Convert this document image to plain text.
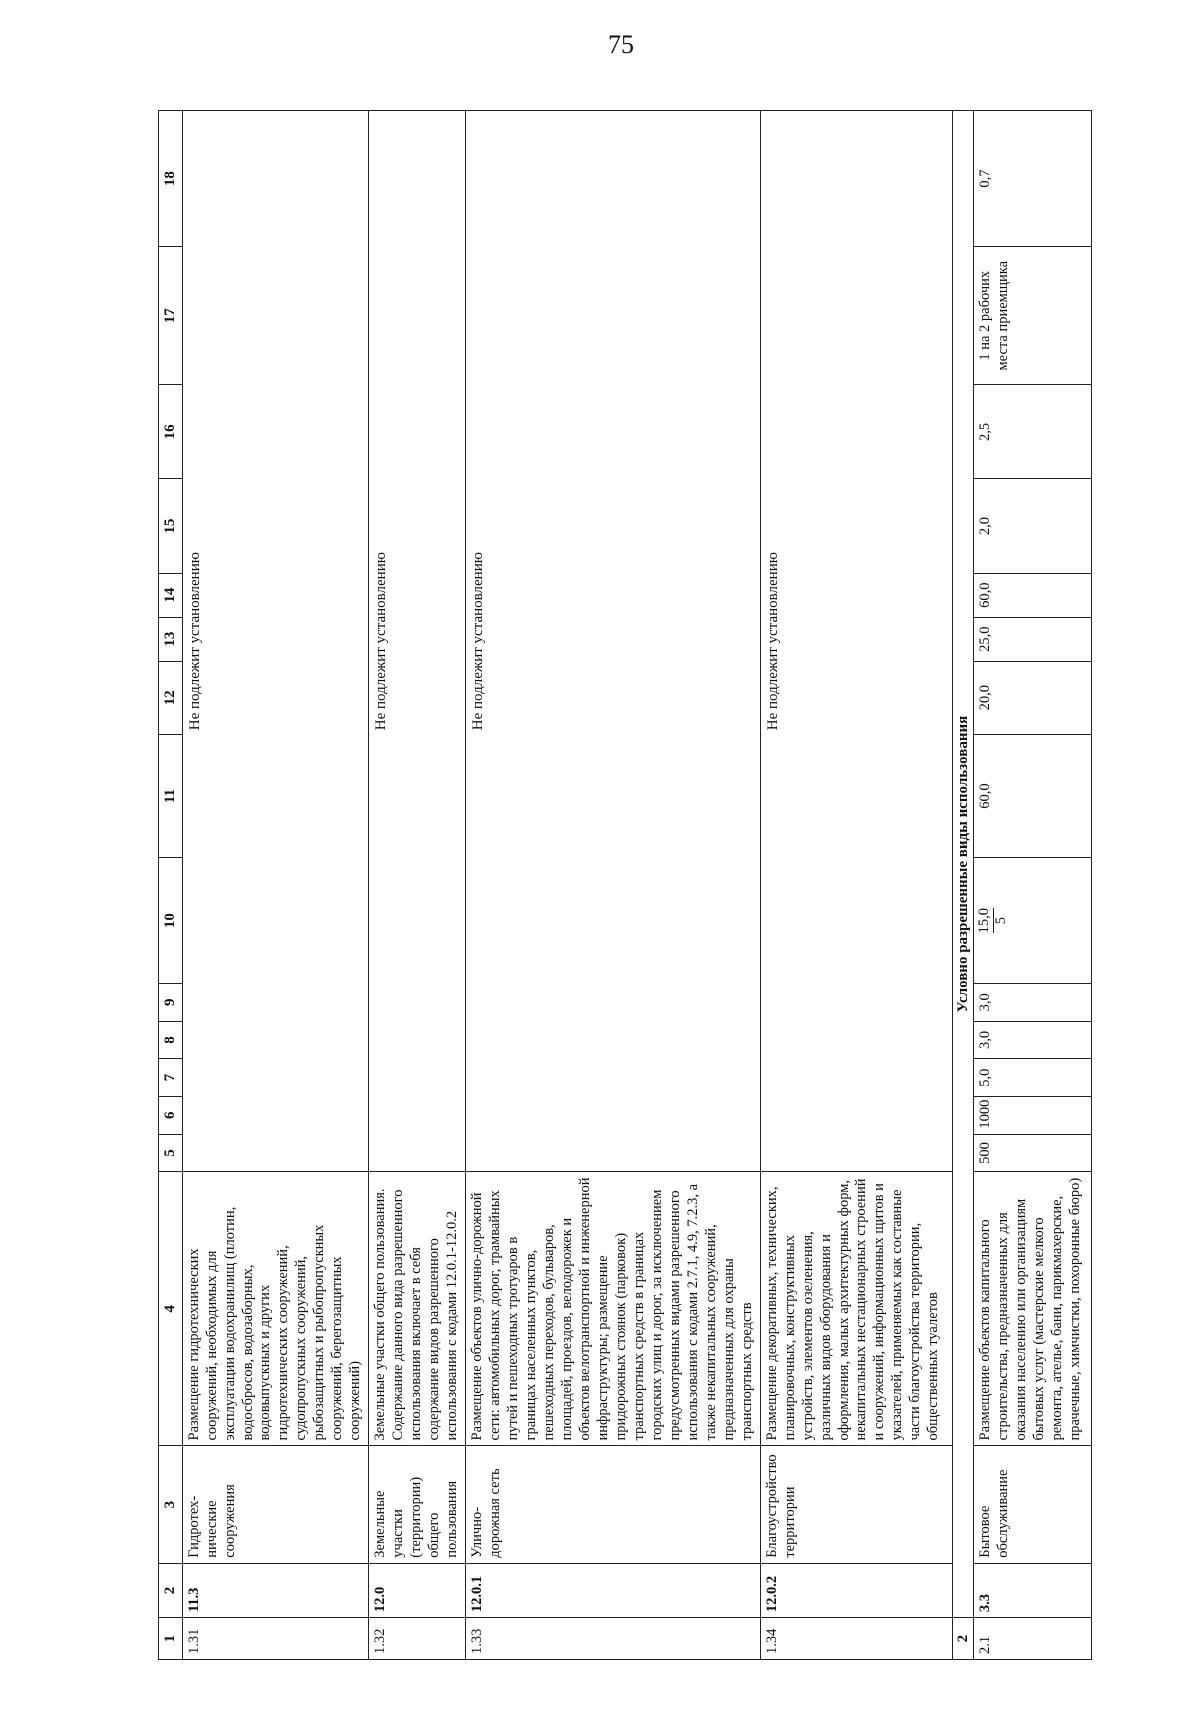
75
1	2	3	4	5	6	7	8	9	10	11	12	13	14	15	16	17	18
1.31	11.3	Гидротех-нические сооружения	Размещение гидротехнических сооружений, необходимых для эксплуатации водохранилищ (плотин, водосбросов, водозаборных, водовыпускных и других гидротехнических сооружений, судопропускных сооружений, рыбозащитных и рыбопропускных сооружений, берегозащитных сооружений)	Не подлежит установлению													
1.32	12.0	Земельные участки (территории) общего пользования	Земельные участки общего пользования. Содержание данного вида разрешенного использования включает в себя содержание видов разрешенного использования с кодами 12.0.1-12.0.2	Не подлежит установлению													
1.33	12.0.1	Улично-дорожная сеть	Размещение объектов улично-дорожной сети: автомобильных дорог, трамвайных путей и пешеходных тротуаров в границах населенных пунктов, пешеходных переходов, бульваров, площадей, проездов, велодорожек и объектов велотранспортной и инженерной инфраструктуры; размещение придорожных стоянок (парковок) транспортных средств в границах городских улиц и дорог, за исключением предусмотренных видами разрешенного использования с кодами 2.7.1, 4.9, 7.2.3, а также некапитальных сооружений, предназначенных для охраны транспортных средств	Не подлежит установлению													
1.34	12.0.2	Благоустройство территории	Размещение декоративных, технических, планировочных, конструктивных устройств, элементов озеленения, различных видов оборудования и оформления, малых архитектурных форм, некапитальных нестационарных строений и сооружений, информационных щитов и указателей, применяемых как составные части благоустройства территории, общественных туалетов	Не подлежит установлению													
2	Условно разрешенные виды использования																
2.1	3.3	Бытовое обслуживание	Размещение объектов капитального строительства, предназначенных для оказания населению или организациям бытовых услуг (мастерские мелкого ремонта, ателье, бани, парикмахерские, прачечные, химчистки, похоронные бюро)	500	1000	5,0	3,0	3,0	15,0 5	60,0	20,0	25,0	60,0	2,0	2,5	1 на 2 рабочих места приемщика	0,7
